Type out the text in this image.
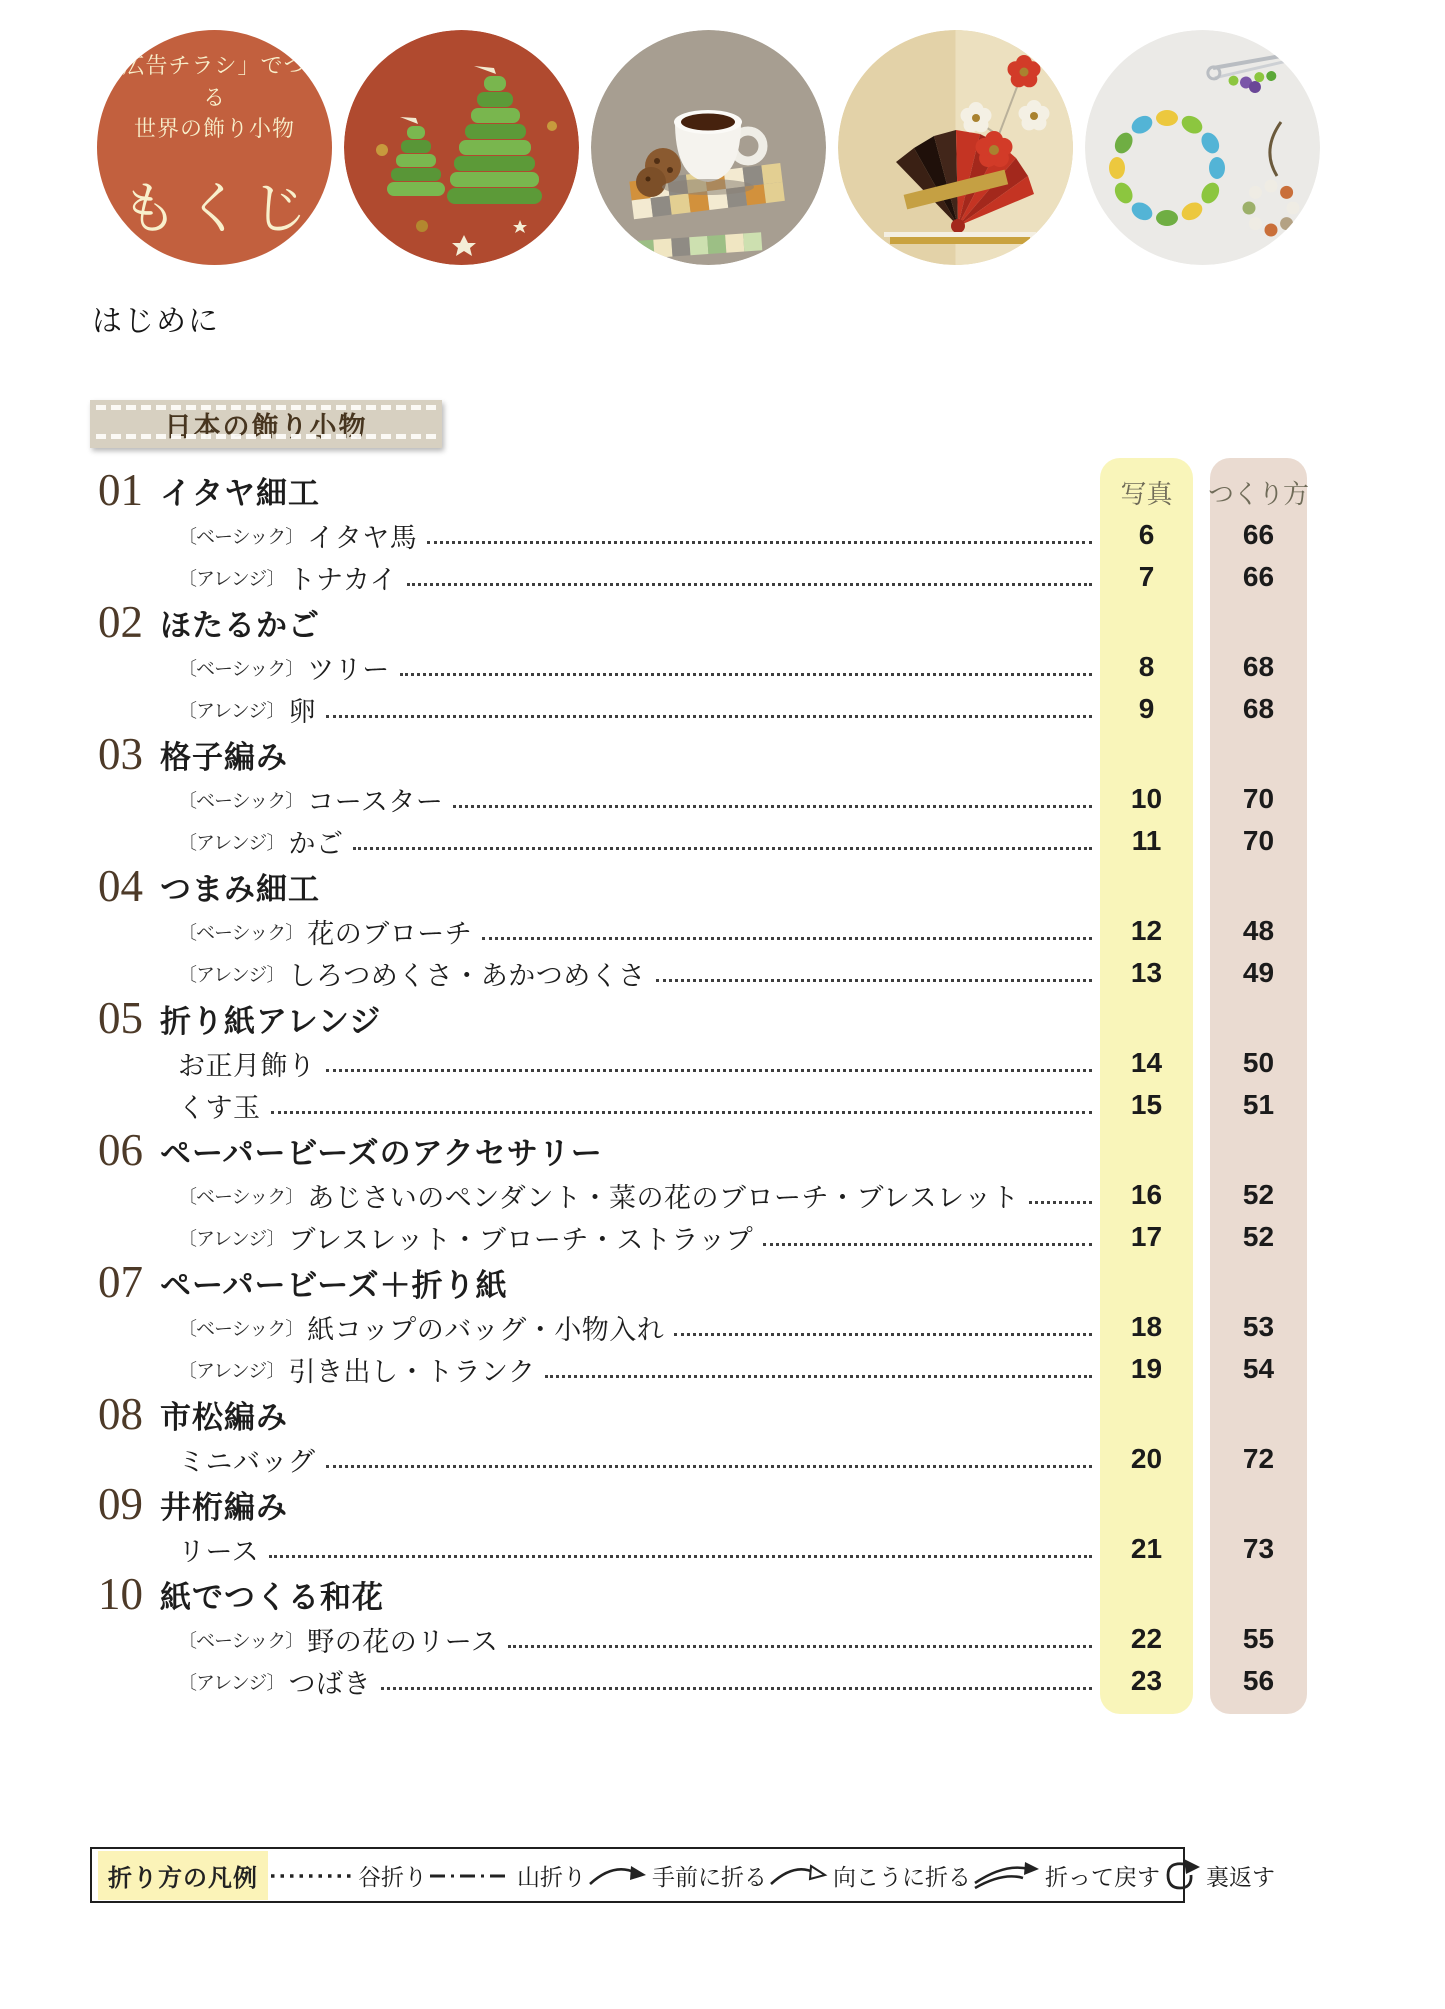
「広告チラシ」でつくる
世界の飾り小物
もくじ
はじめに
日本の飾り小物
写真	つくり方
01 イタヤ細工
〔ベーシック〕 イタヤ馬	6	66
〔アレンジ〕 トナカイ	7	66
02 ほたるかご
〔ベーシック〕 ツリー	8	68
〔アレンジ〕 卵	9	68
03 格子編み
〔ベーシック〕 コースター	10	70
〔アレンジ〕 かご	11	70
04 つまみ細工
〔ベーシック〕 花のブローチ	12	48
〔アレンジ〕 しろつめくさ・あかつめくさ	13	49
05 折り紙アレンジ
お正月飾り	14	50
くす玉	15	51
06 ペーパービーズのアクセサリー
〔ベーシック〕 あじさいのペンダント・菜の花のブローチ・ブレスレット	16	52
〔アレンジ〕 ブレスレット・ブローチ・ストラップ	17	52
07 ペーパービーズ＋折り紙
〔ベーシック〕 紙コップのバッグ・小物入れ	18	53
〔アレンジ〕 引き出し・トランク	19	54
08 市松編み
ミニバッグ	20	72
09 井桁編み
リース	21	73
10 紙でつくる和花
〔ベーシック〕 野の花のリース	22	55
〔アレンジ〕 つばき	23	56
折り方の凡例	谷折り	山折り	手前に折る	向こうに折る	折って戻す 裏返す
